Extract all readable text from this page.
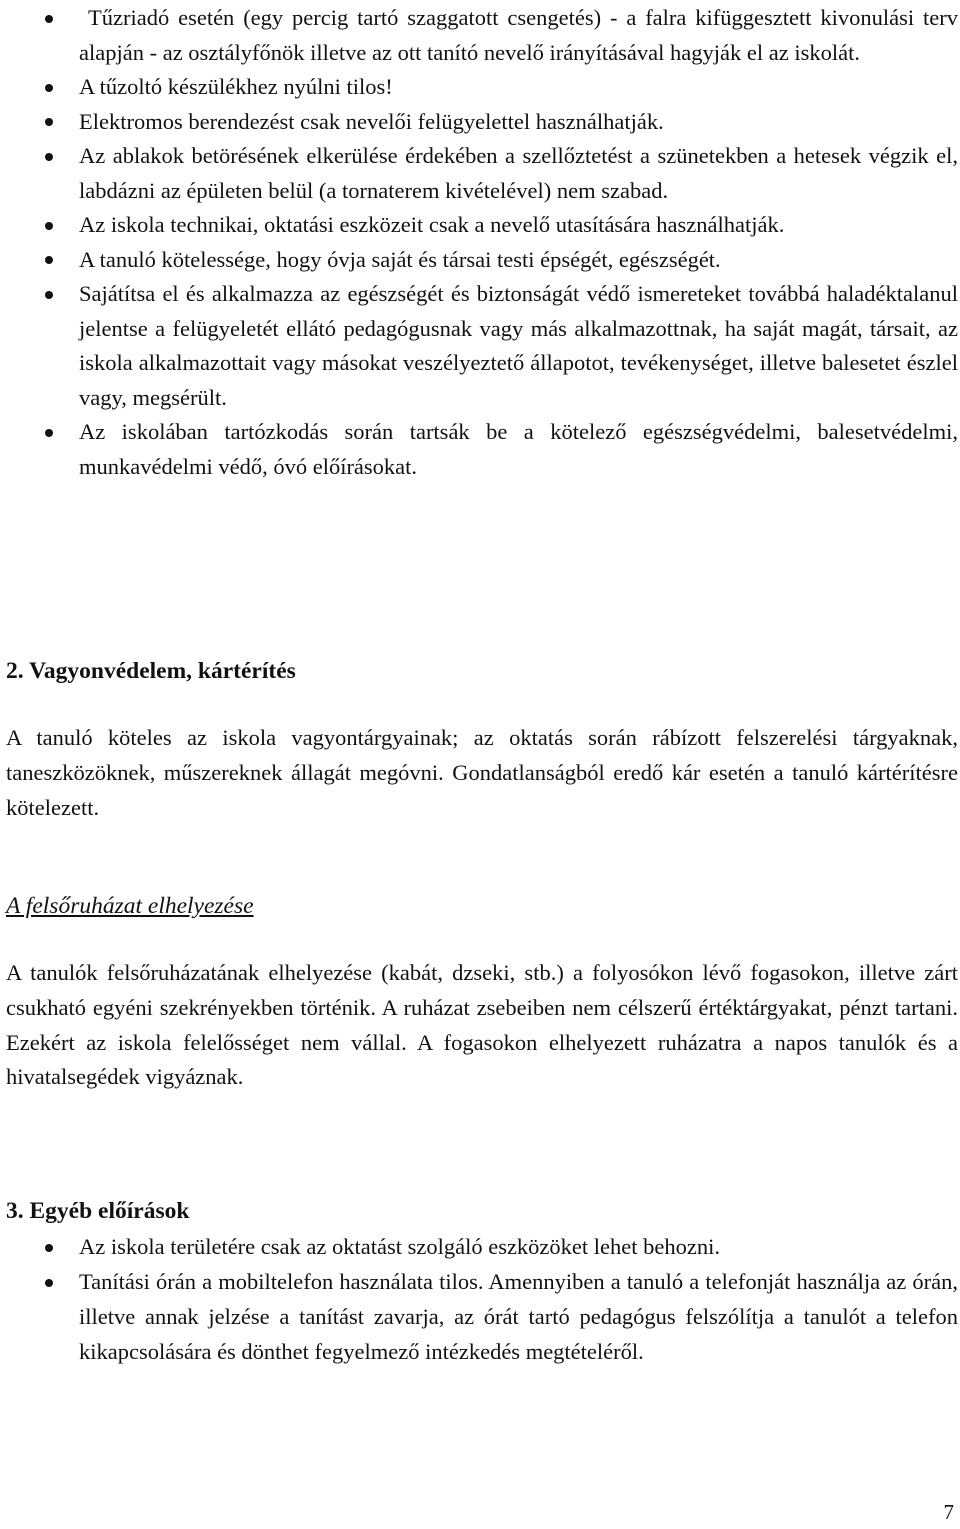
Tűzriadó esetén (egy percig tartó szaggatott csengetés) - a falra kifüggesztett kivonulási terv alapján - az osztályfőnök illetve az ott tanító nevelő irányításával hagyják el az iskolát.
A tűzoltó készülékhez nyúlni tilos!
Elektromos berendezést csak nevelői felügyelettel használhatják.
Az ablakok betörésének elkerülése érdekében a szellőztetést a szünetekben a hetesek végzik el, labdázni az épületen belül (a tornaterem kivételével) nem szabad.
Az iskola technikai, oktatási eszközeit csak a nevelő utasítására használhatják.
A tanuló kötelessége, hogy óvja saját és társai testi épségét, egészségét.
Sajátítsa el és alkalmazza az egészségét és biztonságát védő ismereteket továbbá haladéktalanul jelentse a felügyeletét ellátó pedagógusnak vagy más alkalmazottnak, ha saját magát, társait, az iskola alkalmazottait vagy másokat veszélyeztető állapotot, tevékenységet, illetve balesetet észlel vagy, megsérült.
Az iskolában tartózkodás során tartsák be a kötelező egészségvédelmi, balesetvédelmi, munkavédelmi védő, óvó előírásokat.
2. Vagyonvédelem, kártérítés

A tanuló köteles az iskola vagyontárgyainak; az oktatás során rábízott felszerelési tárgyaknak, taneszközöknek, műszereknek állagát megóvni. Gondatlanságból eredő kár esetén a tanuló kártérítésre kötelezett.

A felsőruházat elhelyezése

A tanulók felsőruházatának elhelyezése (kabát, dzseki, stb.) a folyosókon lévő fogasokon, illetve zárt csukható egyéni szekrényekben történik. A ruházat zsebeiben nem célszerű értéktárgyakat, pénzt tartani. Ezekért az iskola felelősséget nem vállal. A fogasokon elhelyezett ruházatra a napos tanulók és a hivatalsegédek vigyáznak.

3. Egyéb előírások
Az iskola területére csak az oktatást szolgáló eszközöket lehet behozni.
Tanítási órán a mobiltelefon használata tilos. Amennyiben a tanuló a telefonját használja az órán, illetve annak jelzése a tanítást zavarja, az órát tartó pedagógus felszólítja a tanulót a telefon kikapcsolására és dönthet fegyelmező intézkedés megtételéről.
7
